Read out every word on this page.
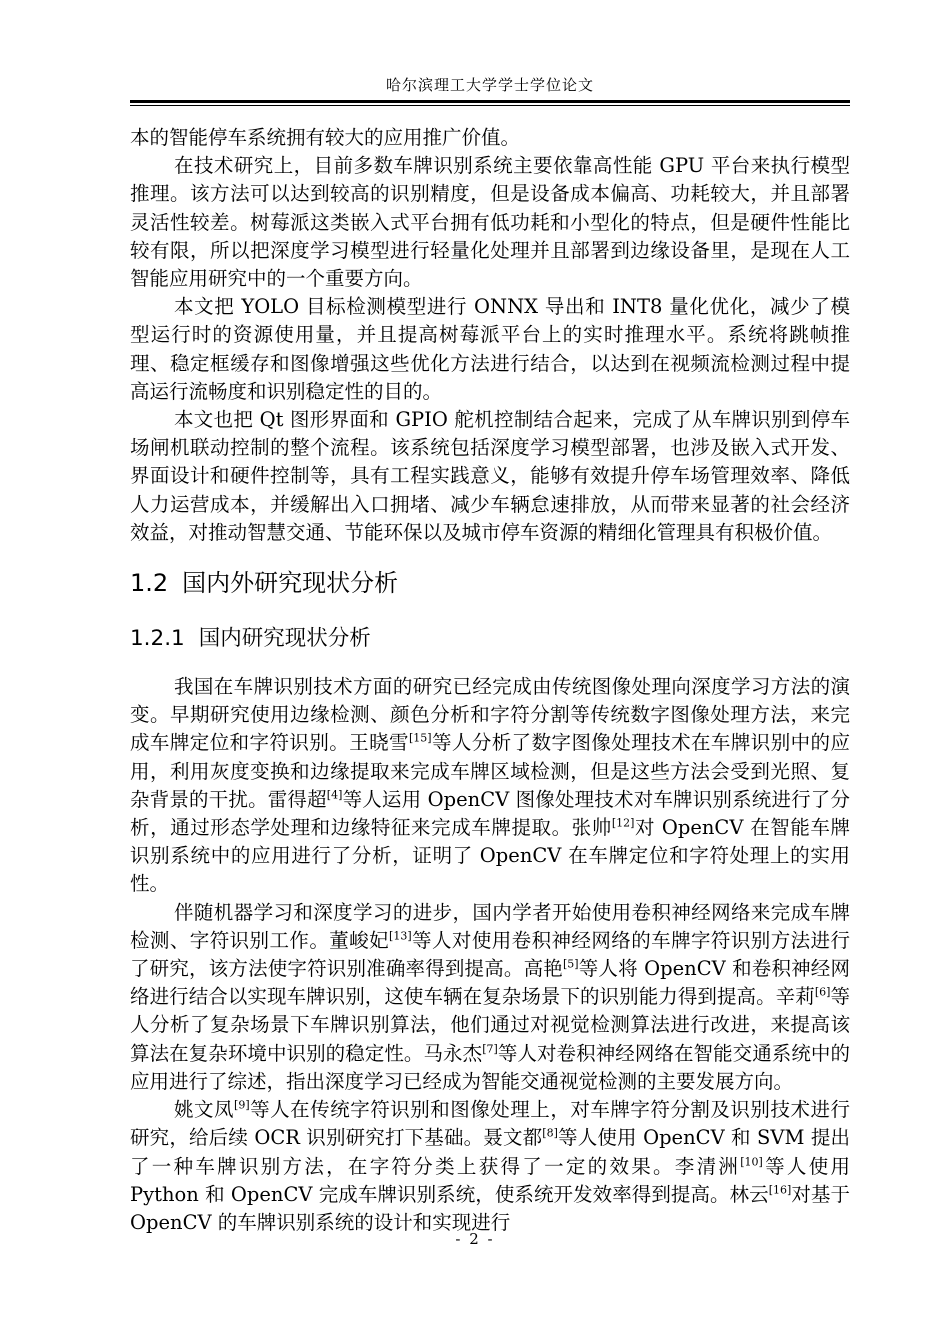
哈尔滨理工大学学士学位论文

本的智能停车系统拥有较大的应用推广价值。

在技术研究上，目前多数车牌识别系统主要依靠高性能 GPU 平台来执行模型推理。该方法可以达到较高的识别精度，但是设备成本偏高、功耗较大，并且部署灵活性较差。树莓派这类嵌入式平台拥有低功耗和小型化的特点，但是硬件性能比较有限，所以把深度学习模型进行轻量化处理并且部署到边缘设备里，是现在人工智能应用研究中的一个重要方向。

本文把 YOLO 目标检测模型进行 ONNX 导出和 INT8 量化优化，减少了模型运行时的资源使用量，并且提高树莓派平台上的实时推理水平。系统将跳帧推理、稳定框缓存和图像增强这些优化方法进行结合，以达到在视频流检测过程中提高运行流畅度和识别稳定性的目的。

本文也把 Qt 图形界面和 GPIO 舵机控制结合起来，完成了从车牌识别到停车场闸机联动控制的整个流程。该系统包括深度学习模型部署，也涉及嵌入式开发、界面设计和硬件控制等，具有工程实践意义，能够有效提升停车场管理效率、降低人力运营成本，并缓解出入口拥堵、减少车辆怠速排放，从而带来显著的社会经济效益，对推动智慧交通、节能环保以及城市停车资源的精细化管理具有积极价值。

1.2 国内外研究现状分析
1.2.1 国内研究现状分析

我国在车牌识别技术方面的研究已经完成由传统图像处理向深度学习方法的演变。早期研究使用边缘检测、颜色分析和字符分割等传统数字图像处理方法，来完成车牌定位和字符识别。王晓雪[15]等人分析了数字图像处理技术在车牌识别中的应用，利用灰度变换和边缘提取来完成车牌区域检测，但是这些方法会受到光照、复杂背景的干扰。雷得超[4]等人运用 OpenCV 图像处理技术对车牌识别系统进行了分析，通过形态学处理和边缘特征来完成车牌提取。张帅[12]对 OpenCV 在智能车牌识别系统中的应用进行了分析，证明了 OpenCV 在车牌定位和字符处理上的实用性。

伴随机器学习和深度学习的进步，国内学者开始使用卷积神经网络来完成车牌检测、字符识别工作。董峻妃[13]等人对使用卷积神经网络的车牌字符识别方法进行了研究，该方法使字符识别准确率得到提高。高艳[5]等人将 OpenCV 和卷积神经网络进行结合以实现车牌识别，这使车辆在复杂场景下的识别能力得到提高。辛莉[6]等人分析了复杂场景下车牌识别算法，他们通过对视觉检测算法进行改进，来提高该算法在复杂环境中识别的稳定性。马永杰[7]等人对卷积神经网络在智能交通系统中的应用进行了综述，指出深度学习已经成为智能交通视觉检测的主要发展方向。

姚文凤[9]等人在传统字符识别和图像处理上，对车牌字符分割及识别技术进行研究，给后续 OCR 识别研究打下基础。聂文都[8]等人使用 OpenCV 和 SVM 提出了一种车牌识别方法，在字符分类上获得了一定的效果。李清洲[10]等人使用 Python 和 OpenCV 完成车牌识别系统，使系统开发效率得到提高。林云[16]对基于 OpenCV 的车牌识别系统的设计和实现进行

- 2 -
